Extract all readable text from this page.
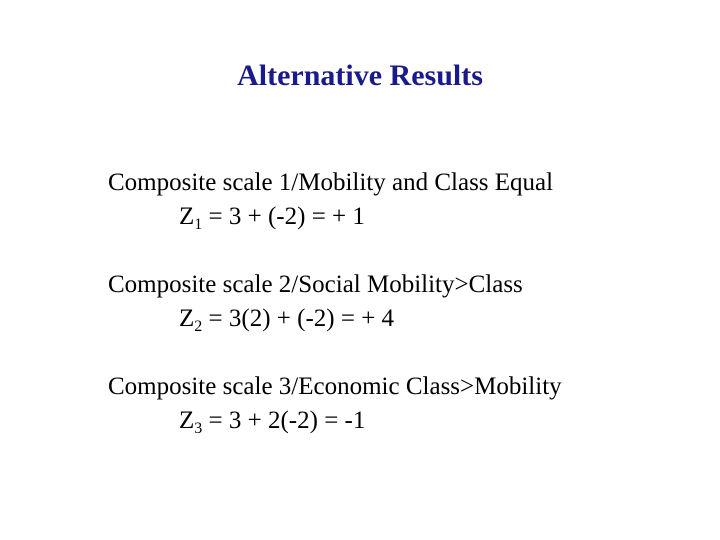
Alternative Results
Composite scale 1/Mobility and Class Equal
$Z_1 = 3 + (-2)$ = + 1
Composite scale 2/Social Mobility>Class
$Z_2 = 3(2) + (-2)$ = + 4
Composite scale 3/Economic Class>Mobility
$Z_3 = 3 + 2(-2) = -1$
